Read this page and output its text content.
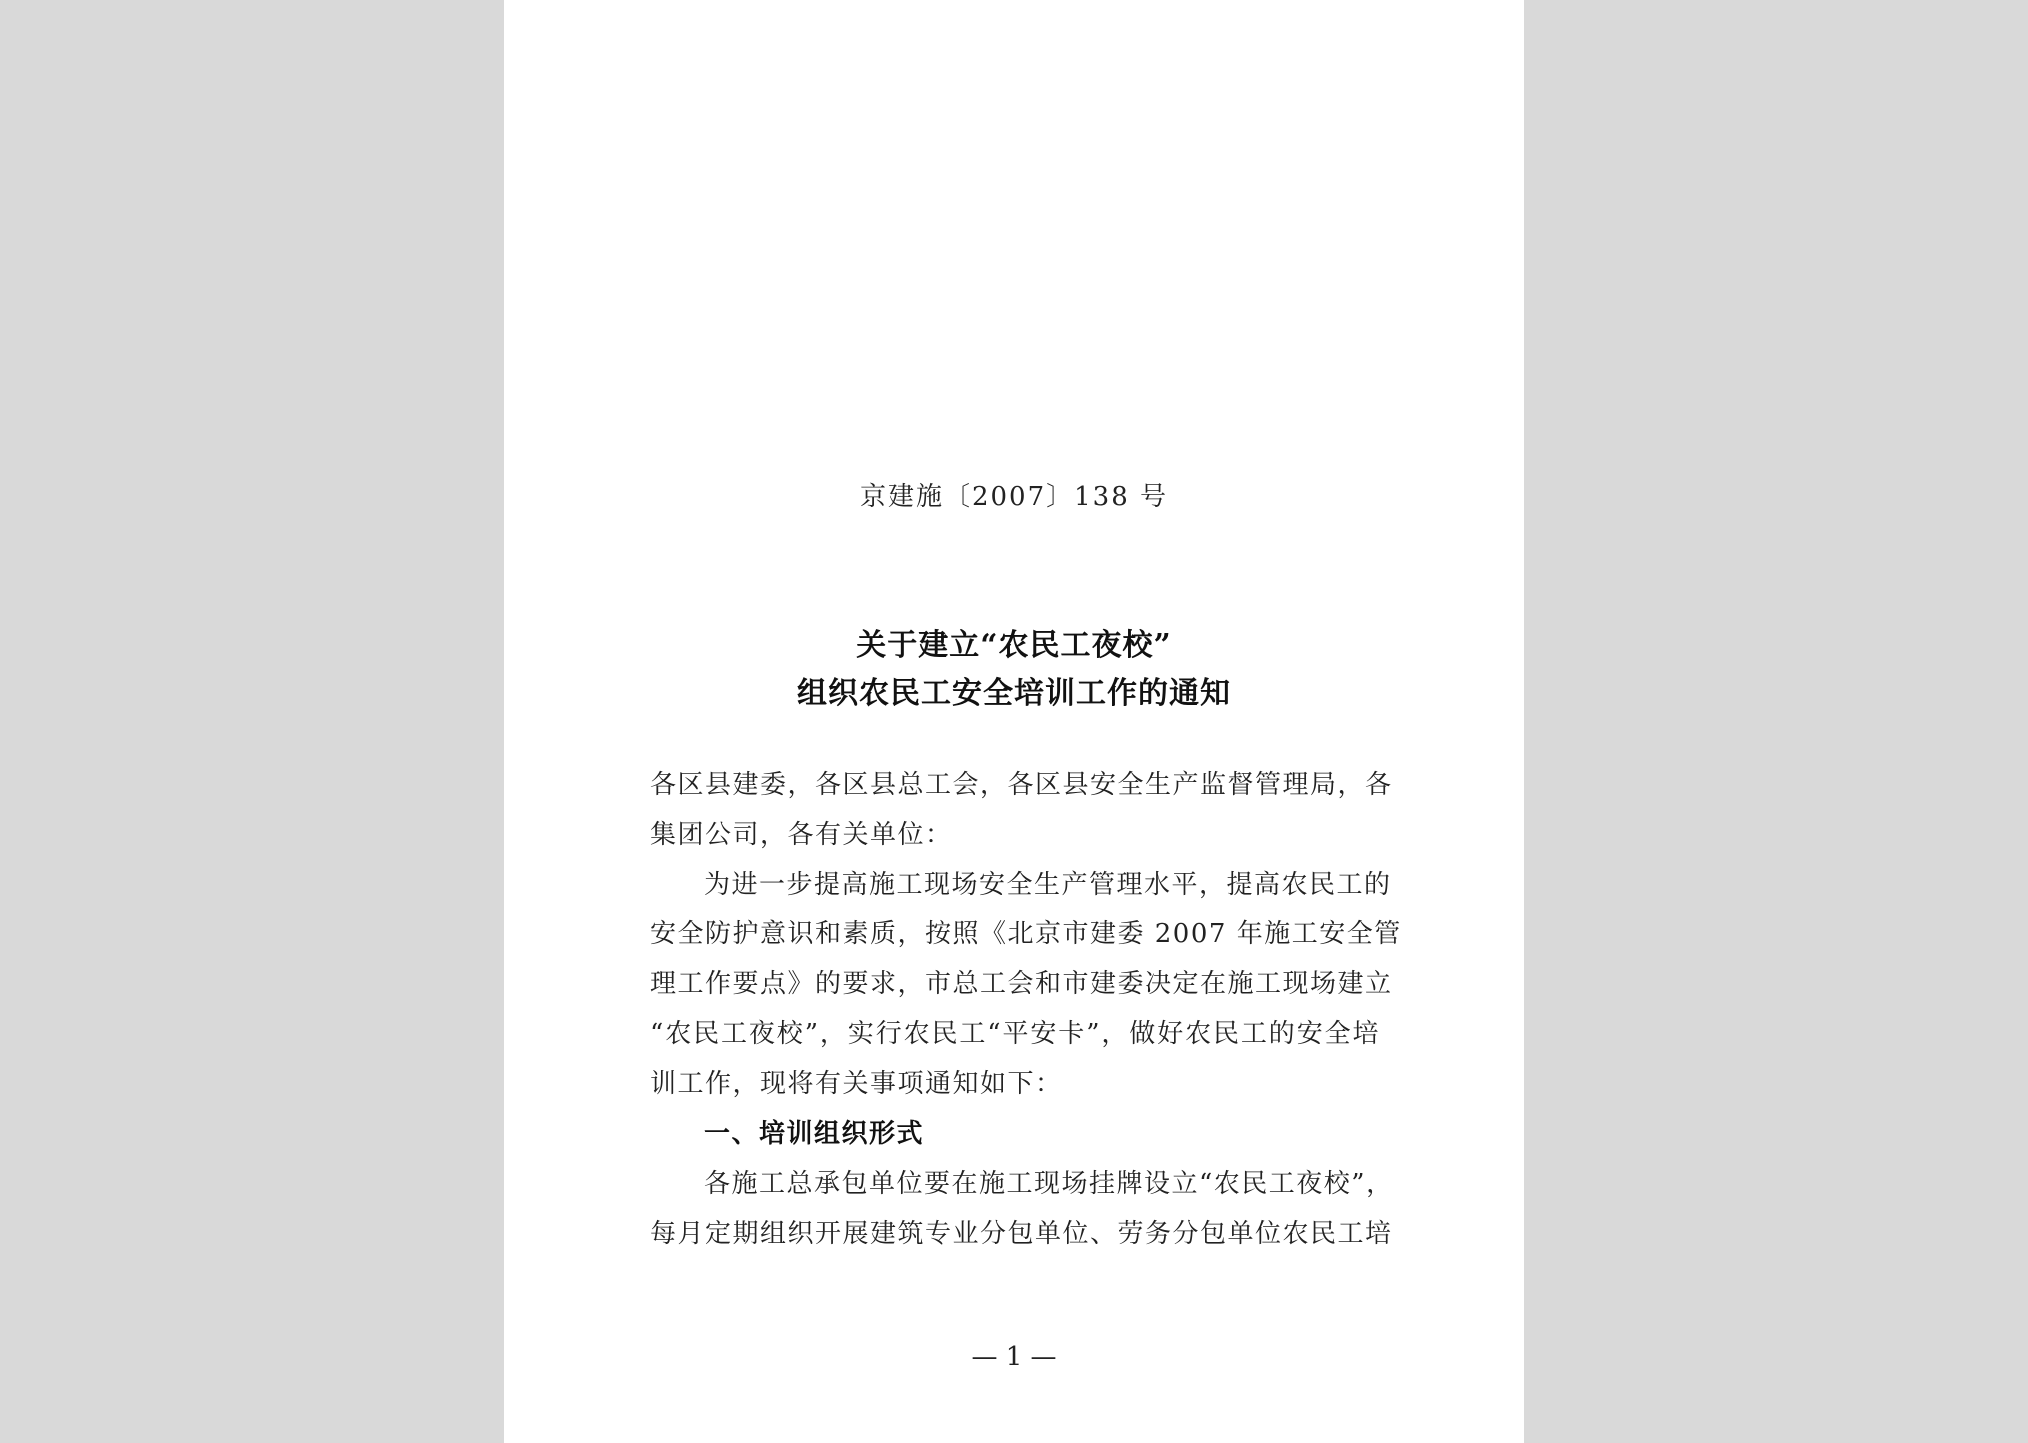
京建施〔2007〕138 号
关于建立“农民工夜校”
组织农民工安全培训工作的通知
各区县建委，各区县总工会，各区县安全生产监督管理局，各
集团公司，各有关单位：
为进一步提高施工现场安全生产管理水平，提高农民工的
安全防护意识和素质，按照《北京市建委 2007 年施工安全管
理工作要点》的要求，市总工会和市建委决定在施工现场建立
“农民工夜校”，实行农民工“平安卡”，做好农民工的安全培
训工作，现将有关事项通知如下：
一、培训组织形式
各施工总承包单位要在施工现场挂牌设立“农民工夜校”，
每月定期组织开展建筑专业分包单位、劳务分包单位农民工培
— 1 —
